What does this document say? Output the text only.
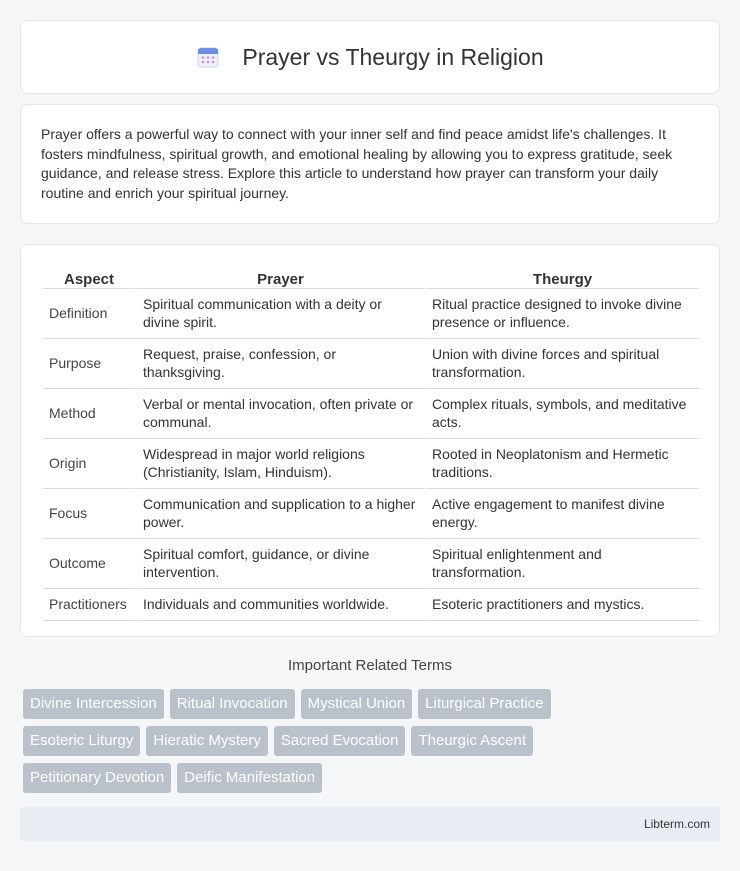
Prayer vs Theurgy in Religion

Prayer offers a powerful way to connect with your inner self and find peace amidst life's challenges. It fosters mindfulness, spiritual growth, and emotional healing by allowing you to express gratitude, seek guidance, and release stress. Explore this article to understand how prayer can transform your daily routine and enrich your spiritual journey.

Aspect	Prayer	Theurgy
Definition	Spiritual communication with a deity or divine spirit.	Ritual practice designed to invoke divine presence or influence.
Purpose	Request, praise, confession, or thanksgiving.	Union with divine forces and spiritual transformation.
Method	Verbal or mental invocation, often private or communal.	Complex rituals, symbols, and meditative acts.
Origin	Widespread in major world religions (Christianity, Islam, Hinduism).	Rooted in Neoplatonism and Hermetic traditions.
Focus	Communication and supplication to a higher power.	Active engagement to manifest divine energy.
Outcome	Spiritual comfort, guidance, or divine intervention.	Spiritual enlightenment and transformation.
Practitioners	Individuals and communities worldwide.	Esoteric practitioners and mystics.
Important Related Terms
Divine Intercession Ritual Invocation Mystical Union Liturgical Practice
Esoteric Liturgy Hieratic Mystery Sacred Evocation Theurgic Ascent
Petitionary Devotion Deific Manifestation
Libterm.com
